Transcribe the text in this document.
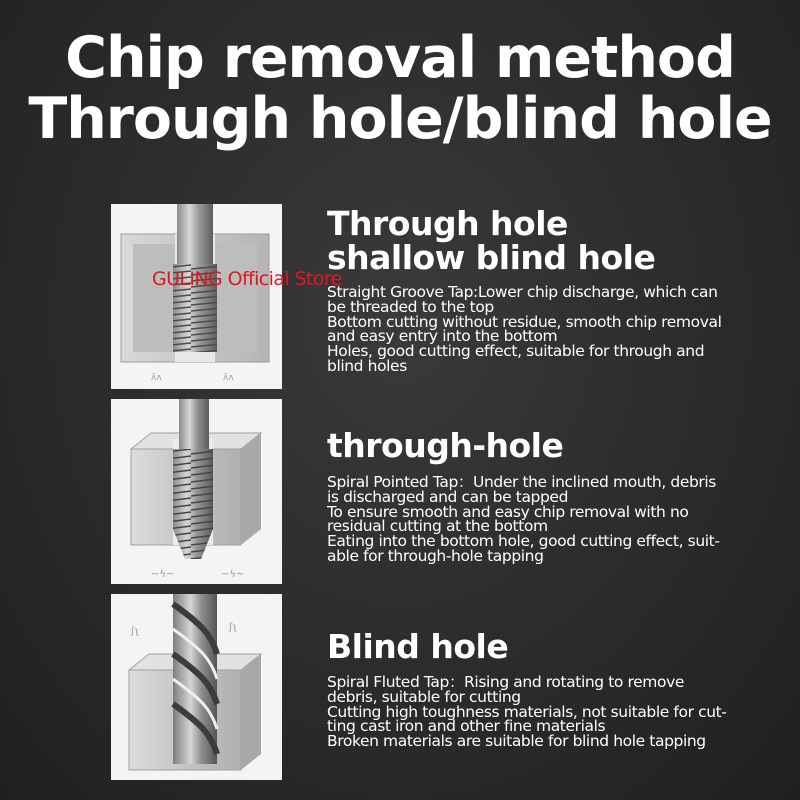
Chip removal method
Through hole/blind hole
ʌ̈ʌ	ʌ̈ʌ
~ϟ~	~ϟ~
ʃʅ	ʃʅ
Through hole
shallow blind hole
Straight Groove Tap:Lower chip discharge, which can
be threaded to the top
Bottom cutting without residue, smooth chip removal
and easy entry into the bottom
Holes, good cutting effect, suitable for through and
blind holes
through-hole
Spiral Pointed Tap：Under the inclined mouth, debris
is discharged and can be tapped
To ensure smooth and easy chip removal with no
residual cutting at the bottom
Eating into the bottom hole, good cutting effect, suit-
able for through-hole tapping
Blind hole
Spiral Fluted Tap：Rising and rotating to remove
debris, suitable for cutting
Cutting high toughness materials, not suitable for cut-
ting cast iron and other fine materials
Broken materials are suitable for blind hole tapping
GULING Official Store
